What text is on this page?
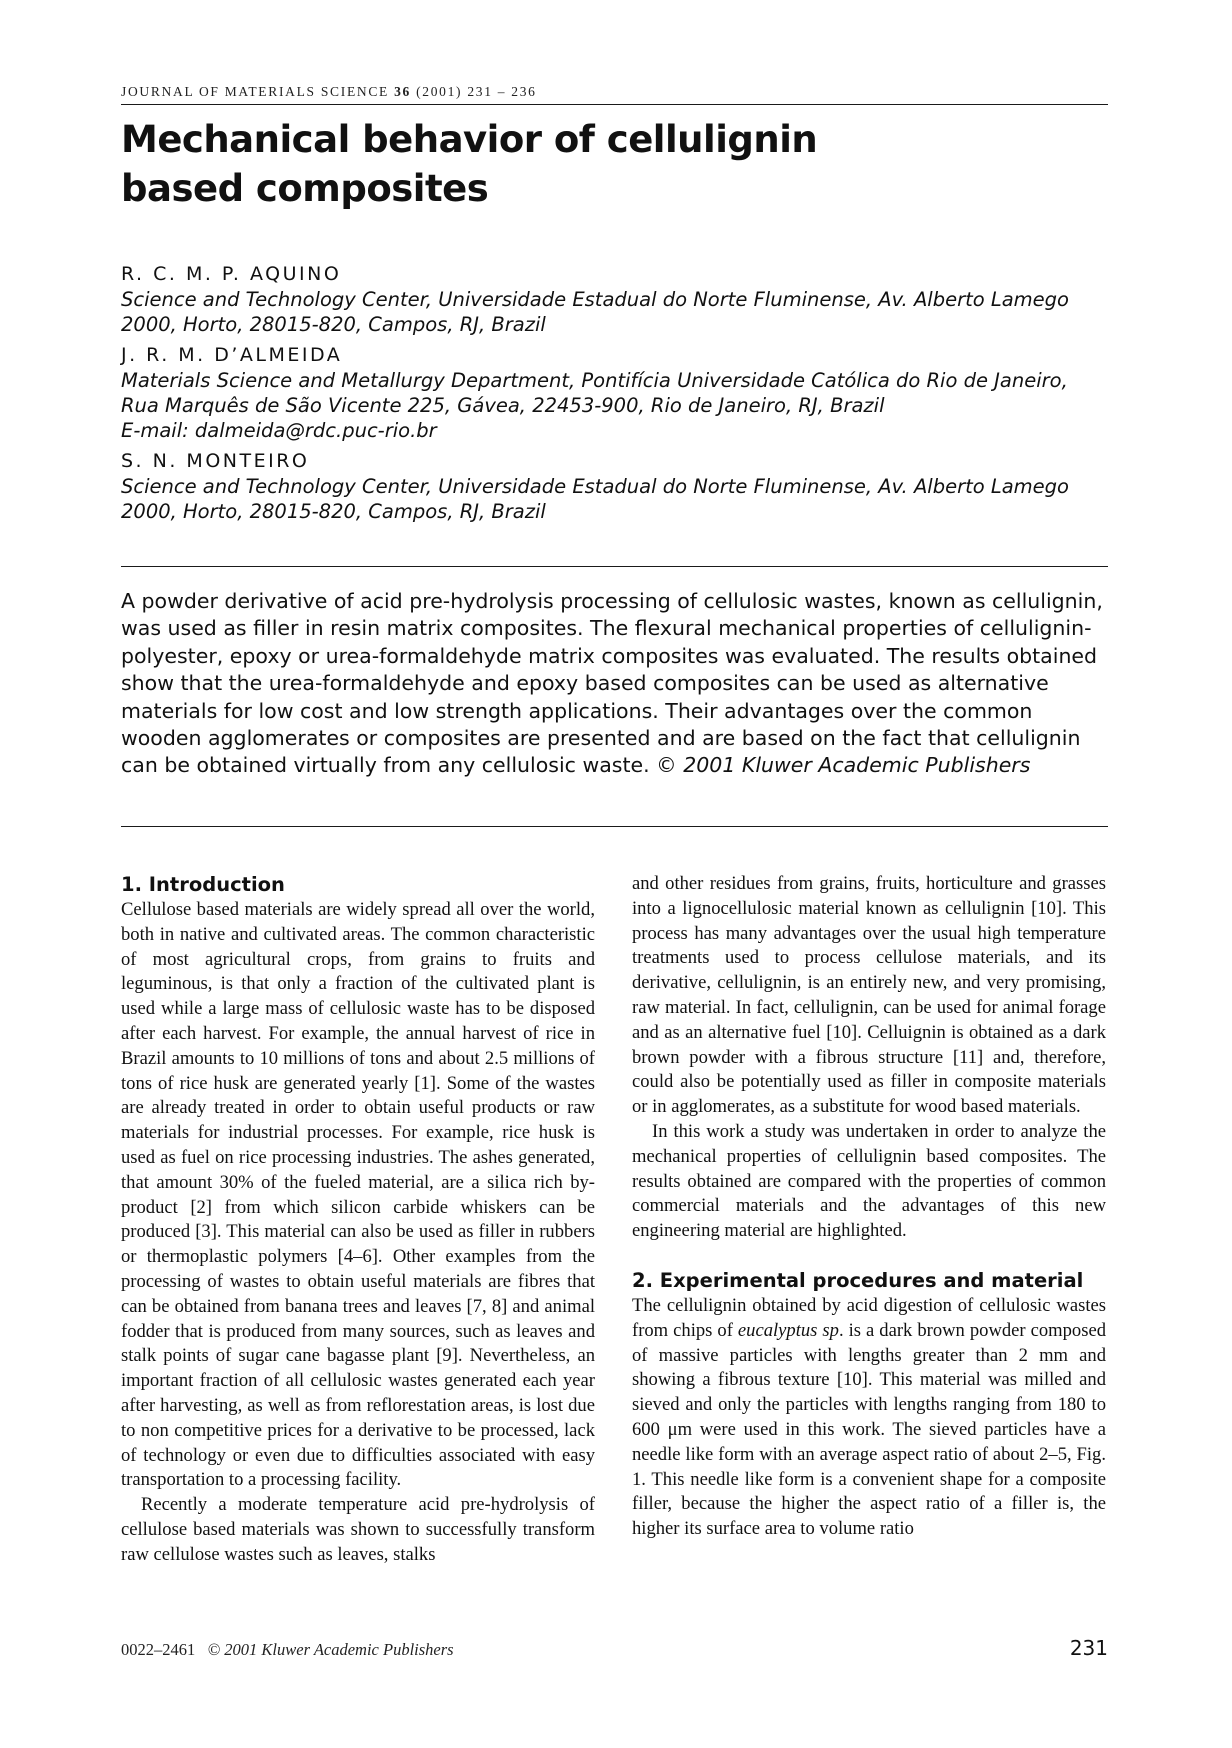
JOURNAL OF MATERIALS SCIENCE 36 (2001) 231 – 236
Mechanical behavior of cellulignin based composites
R. C. M. P. AQUINO
Science and Technology Center, Universidade Estadual do Norte Fluminense, Av. Alberto Lamego 2000, Horto, 28015-820, Campos, RJ, Brazil
J. R. M. D’ALMEIDA
Materials Science and Metallurgy Department, Pontifícia Universidade Católica do Rio de Janeiro, Rua Marquês de São Vicente 225, Gávea, 22453-900, Rio de Janeiro, RJ, Brazil
E-mail: dalmeida@rdc.puc-rio.br
S. N. MONTEIRO
Science and Technology Center, Universidade Estadual do Norte Fluminense, Av. Alberto Lamego 2000, Horto, 28015-820, Campos, RJ, Brazil
A powder derivative of acid pre-hydrolysis processing of cellulosic wastes, known as cellulignin, was used as filler in resin matrix composites. The flexural mechanical properties of cellulignin-polyester, epoxy or urea-formaldehyde matrix composites was evaluated. The results obtained show that the urea-formaldehyde and epoxy based composites can be used as alternative materials for low cost and low strength applications. Their advantages over the common wooden agglomerates or composites are presented and are based on the fact that cellulignin can be obtained virtually from any cellulosic waste. © 2001 Kluwer Academic Publishers
1. Introduction

Cellulose based materials are widely spread all over the world, both in native and cultivated areas. The common characteristic of most agricultural crops, from grains to fruits and leguminous, is that only a fraction of the cultivated plant is used while a large mass of cellulosic waste has to be disposed after each harvest. For example, the annual harvest of rice in Brazil amounts to 10 millions of tons and about 2.5 millions of tons of rice husk are generated yearly [1]. Some of the wastes are already treated in order to obtain useful products or raw materials for industrial processes. For example, rice husk is used as fuel on rice processing industries. The ashes generated, that amount 30% of the fueled material, are a silica rich by-product [2] from which silicon carbide whiskers can be produced [3]. This material can also be used as filler in rubbers or thermoplastic polymers [4–6]. Other examples from the processing of wastes to obtain useful materials are fibres that can be obtained from banana trees and leaves [7, 8] and animal fodder that is produced from many sources, such as leaves and stalk points of sugar cane bagasse plant [9]. Nevertheless, an important fraction of all cellulosic wastes generated each year after harvesting, as well as from reflorestation areas, is lost due to non competitive prices for a derivative to be processed, lack of technology or even due to difficulties associated with easy transportation to a processing facility.

Recently a moderate temperature acid pre-hydrolysis of cellulose based materials was shown to successfully transform raw cellulose wastes such as leaves, stalks

and other residues from grains, fruits, horticulture and grasses into a lignocellulosic material known as cellulignin [10]. This process has many advantages over the usual high temperature treatments used to process cellulose materials, and its derivative, cellulignin, is an entirely new, and very promising, raw material. In fact, cellulignin, can be used for animal forage and as an alternative fuel [10]. Celluignin is obtained as a dark brown powder with a fibrous structure [11] and, therefore, could also be potentially used as filler in composite materials or in agglomerates, as a substitute for wood based materials.

In this work a study was undertaken in order to analyze the mechanical properties of cellulignin based composites. The results obtained are compared with the properties of common commercial materials and the advantages of this new engineering material are highlighted.

2. Experimental procedures and material

The cellulignin obtained by acid digestion of cellulosic wastes from chips of eucalyptus sp. is a dark brown powder composed of massive particles with lengths greater than 2 mm and showing a fibrous texture [10]. This material was milled and sieved and only the particles with lengths ranging from 180 to 600 μm were used in this work. The sieved particles have a needle like form with an average aspect ratio of about 2–5, Fig. 1. This needle like form is a convenient shape for a composite filler, because the higher the aspect ratio of a filler is, the higher its surface area to volume ratio

0022–2461 © 2001 Kluwer Academic Publishers	231
